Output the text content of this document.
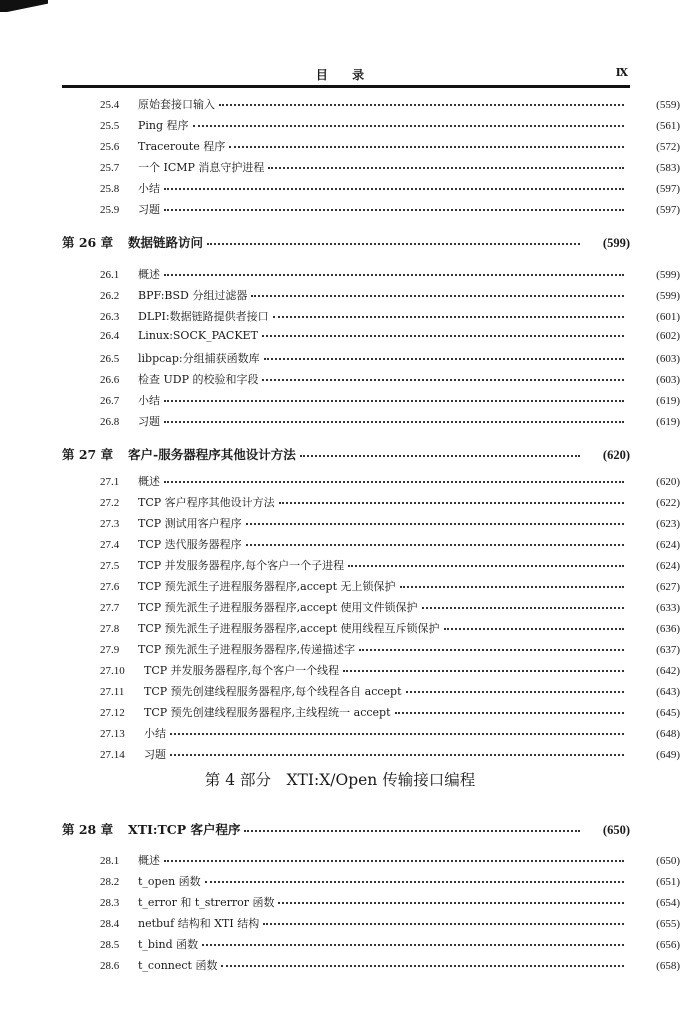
目 录	Ⅸ
25.4	原始套接口输入	(559)
25.5	Ping 程序	(561)
25.6	Traceroute 程序	(572)
25.7	一个 ICMP 消息守护进程	(583)
25.8	小结	(597)
25.9	习题	(597)
第 26 章	数据链路访问	(599)
26.1	概述	(599)
26.2	BPF:BSD 分组过滤器	(599)
26.3	DLPI:数据链路提供者接口	(601)
26.4	Linux:SOCK_PACKET	(602)
26.5	libpcap:分组捕获函数库	(603)
26.6	检查 UDP 的校验和字段	(603)
26.7	小结	(619)
26.8	习题	(619)
第 27 章	客户-服务器程序其他设计方法	(620)
27.1	概述	(620)
27.2	TCP 客户程序其他设计方法	(622)
27.3	TCP 测试用客户程序	(623)
27.4	TCP 迭代服务器程序	(624)
27.5	TCP 并发服务器程序,每个客户一个子进程	(624)
27.6	TCP 预先派生子进程服务器程序,accept 无上锁保护	(627)
27.7	TCP 预先派生子进程服务器程序,accept 使用文件锁保护	(633)
27.8	TCP 预先派生子进程服务器程序,accept 使用线程互斥锁保护	(636)
27.9	TCP 预先派生子进程服务器程序,传递描述字	(637)
27.10	TCP 并发服务器程序,每个客户一个线程	(642)
27.11	TCP 预先创建线程服务器程序,每个线程各自 accept	(643)
27.12	TCP 预先创建线程服务器程序,主线程统一 accept	(645)
27.13	小结	(648)
27.14	习题	(649)
第 28 章	XTI:TCP 客户程序	(650)
28.1	概述	(650)
28.2	t_open 函数	(651)
28.3	t_error 和 t_strerror 函数	(654)
28.4	netbuf 结构和 XTI 结构	(655)
28.5	t_bind 函数	(656)
28.6	t_connect 函数	(658)
第 4 部分　XTI:X/Open 传输接口编程
